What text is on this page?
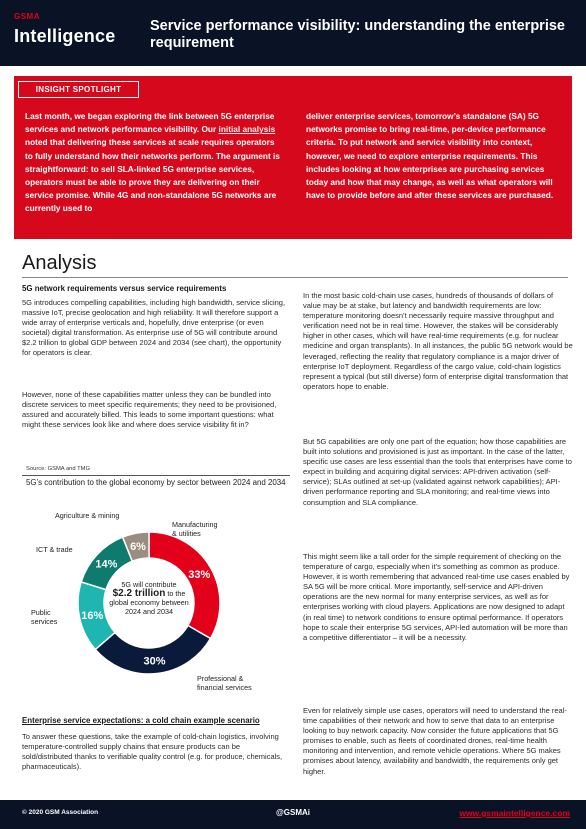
GSMA
Intelligence Service performance visibility: understanding the enterprise requirement
INSIGHT SPOTLIGHT
Last month, we began exploring the link between 5G enterprise services and network performance visibility. Our initial analysis noted that delivering these services at scale requires operators to fully understand how their networks perform. The argument is straightforward: to sell SLA-linked 5G enterprise services, operators must be able to prove they are delivering on their service promise. While 4G and non-standalone 5G networks are currently used to
deliver enterprise services, tomorrow’s standalone (SA) 5G networks promise to bring real-time, per-device performance criteria. To put network and service visibility into context, however, we need to explore enterprise requirements. This includes looking at how enterprises are purchasing services today and how that may change, as well as what operators will have to provide before and after these services are purchased.
Analysis
5G network requirements versus service requirements
5G introduces compelling capabilities, including high bandwidth, service slicing, massive IoT, precise geolocation and high reliability. It will therefore support a wide array of enterprise verticals and, hopefully, drive enterprise (or even societal) digital transformation. As enterprise use of 5G will contribute around $2.2 trillion to global GDP between 2024 and 2034 (see chart), the opportunity for operators is clear.
However, none of these capabilities matter unless they can be bundled into discrete services to meet specific requirements; they need to be provisioned, assured and accurately billed. This leads to some important questions: what might these services look like and where does service visibility fit in?
Source: GSMA and TMG
5G’s contribution to the global economy by sector between 2024 and 2034
33%
30%
16%
14%
6%
Manufacturing
& utilities
Professional &
financial services
Public
services
ICT & trade
Agriculture & mining
5G will contribute
$2.2 trillion to the global economy between 2024 and 2034
Enterprise service expectations: a cold chain example scenario
To answer these questions, take the example of cold-chain logistics, involving temperature-controlled supply chains that ensure products can be sold/distributed thanks to verifiable quality control (e.g. for produce, chemicals, pharmaceuticals).
In the most basic cold-chain use cases, hundreds of thousands of dollars of value may be at stake, but latency and bandwidth requirements are low: temperature monitoring doesn’t necessarily require massive throughput and verification need not be in real time. However, the stakes will be considerably higher in other cases, which will have real-time requirements (e.g. for nuclear medicine and organ transplants). In all instances, the public 5G network would be leveraged, reflecting the reality that regulatory compliance is a major driver of enterprise IoT deployment. Regardless of the cargo value, cold-chain logistics represent a typical (but still diverse) form of enterprise digital transformation that operators hope to enable.
But 5G capabilities are only one part of the equation; how those capabilities are built into solutions and provisioned is just as important. In the case of the latter, specific use cases are less essential than the tools that enterprises have come to expect in building and acquiring digital services: API-driven activation (self-service); SLAs outlined at set-up (validated against network capabilities); API-driven performance reporting and SLA monitoring; and real-time views into consumption and SLA compliance.
This might seem like a tall order for the simple requirement of checking on the temperature of cargo, especially when it’s something as common as produce. However, it is worth remembering that advanced real-time use cases enabled by SA 5G will be more critical. More importantly, self-service and API-driven operations are the new normal for many enterprise services, as well as for enterprises working with cloud players. Applications are now designed to adapt (in real time) to network conditions to ensure optimal performance. If operators hope to scale their enterprise 5G services, API-led automation will be more than a competitive differentiator – it will be a necessity.
Even for relatively simple use cases, operators will need to understand the real-time capabilities of their network and how to serve that data to an enterprise looking to buy network capacity. Now consider the future applications that 5G promises to enable, such as fleets of coordinated drones, real-time health monitoring and intervention, and remote vehicle operations. Where 5G makes promises about latency, availability and bandwidth, the requirements only get higher.
© 2020 GSM Association	@GSMAi	www.gsmaintelligence.com
